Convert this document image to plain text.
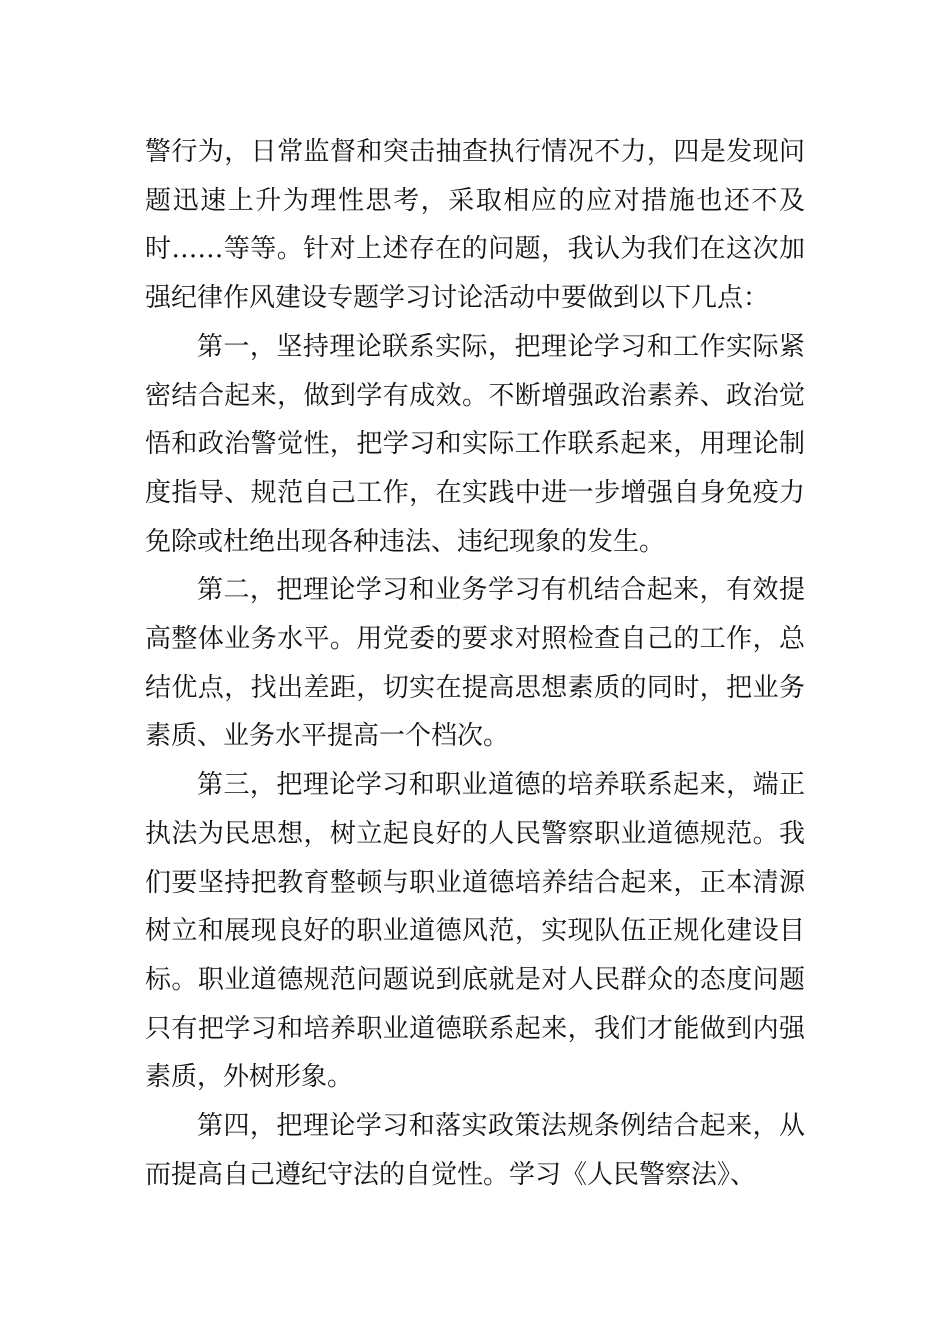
警行为，日常监督和突击抽查执行情况不力，四是发现问题迅速上升为理性思考，采取相应的应对措施也还不及时……等等。针对上述存在的问题，我认为我们在这次加强纪律作风建设专题学习讨论活动中要做到以下几点：

第一，坚持理论联系实际，把理论学习和工作实际紧密结合起来，做到学有成效。不断增强政治素养、政治觉悟和政治警觉性，把学习和实际工作联系起来，用理论制度指导、规范自己工作，在实践中进一步增强自身免疫力免除或杜绝出现各种违法、违纪现象的发生。

第二，把理论学习和业务学习有机结合起来，有效提高整体业务水平。用党委的要求对照检查自己的工作，总结优点，找出差距，切实在提高思想素质的同时，把业务素质、业务水平提高一个档次。

第三，把理论学习和职业道德的培养联系起来，端正执法为民思想，树立起良好的人民警察职业道德规范。我们要坚持把教育整顿与职业道德培养结合起来，正本清源树立和展现良好的职业道德风范，实现队伍正规化建设目标。职业道德规范问题说到底就是对人民群众的态度问题只有把学习和培养职业道德联系起来，我们才能做到内强素质，外树形象。

第四，把理论学习和落实政策法规条例结合起来，从而提高自己遵纪守法的自觉性。学习《人民警察法》、
